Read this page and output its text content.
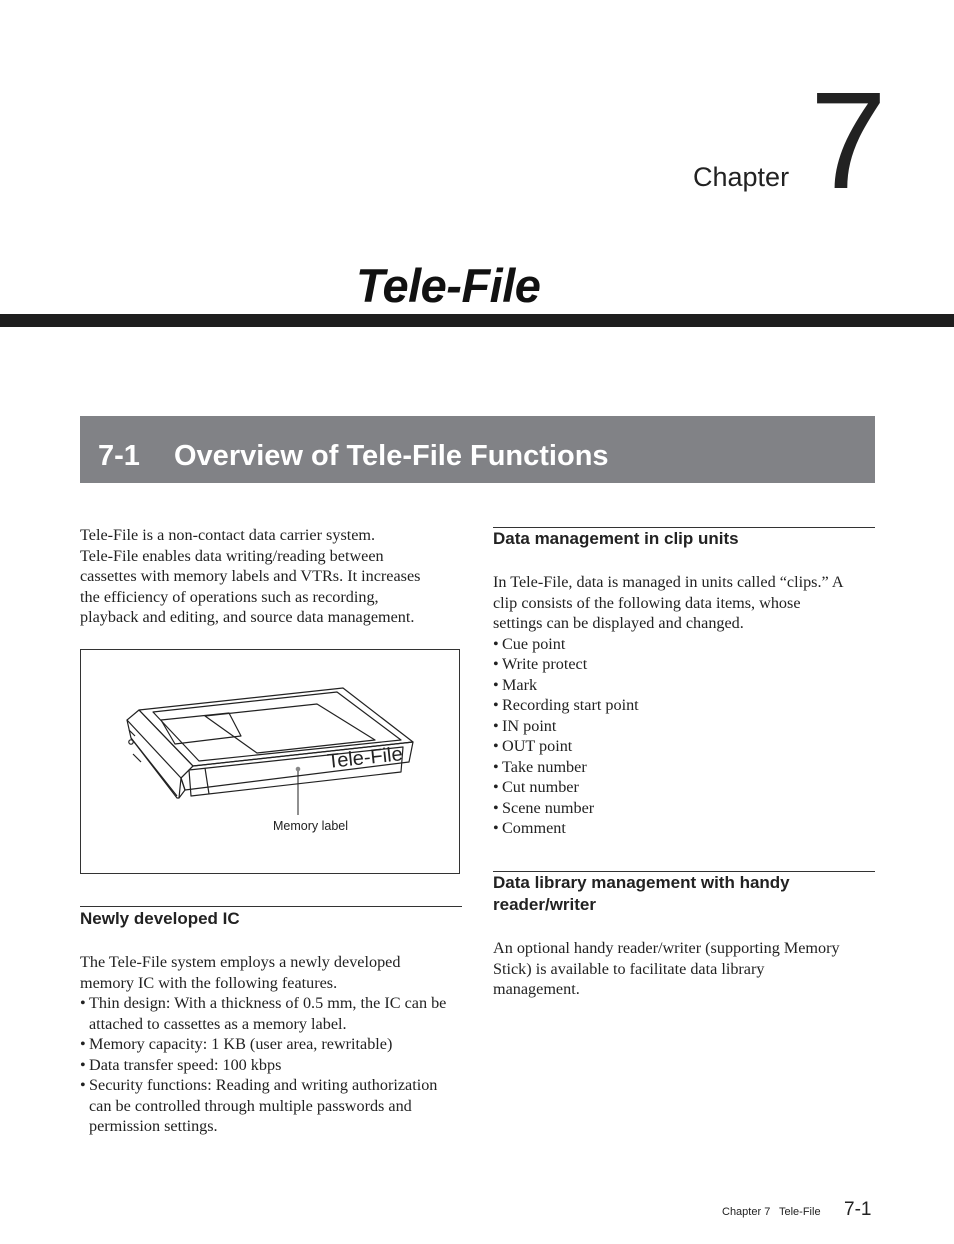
Chapter 7
Tele-File
7-1 Overview of Tele-File Functions

Tele-File is a non-contact data carrier system.

Tele-File enables data writing/reading between

cassettes with memory labels and VTRs. It increases

the efficiency of operations such as recording,

playback and editing, and source data management.

Tele-File
Memory label
Newly developed IC

The Tele-File system employs a newly developed

memory IC with the following features.

• Thin design: With a thickness of 0.5 mm, the IC can be attached to cassettes as a memory label.
• Memory capacity: 1 KB (user area, rewritable)
• Data transfer speed: 100 kbps
• Security functions: Reading and writing authorization can be controlled through multiple passwords and permission settings.
Data management in clip units

In Tele-File, data is managed in units called “clips.” A

clip consists of the following data items, whose

settings can be displayed and changed.

• Cue point
• Write protect
• Mark
• Recording start point
• IN point
• OUT point
• Take number
• Cut number
• Scene number
• Comment
Data library management with handy
reader/writer

An optional handy reader/writer (supporting Memory

Stick) is available to facilitate data library

management.

Chapter 7 Tele-File 7-1
